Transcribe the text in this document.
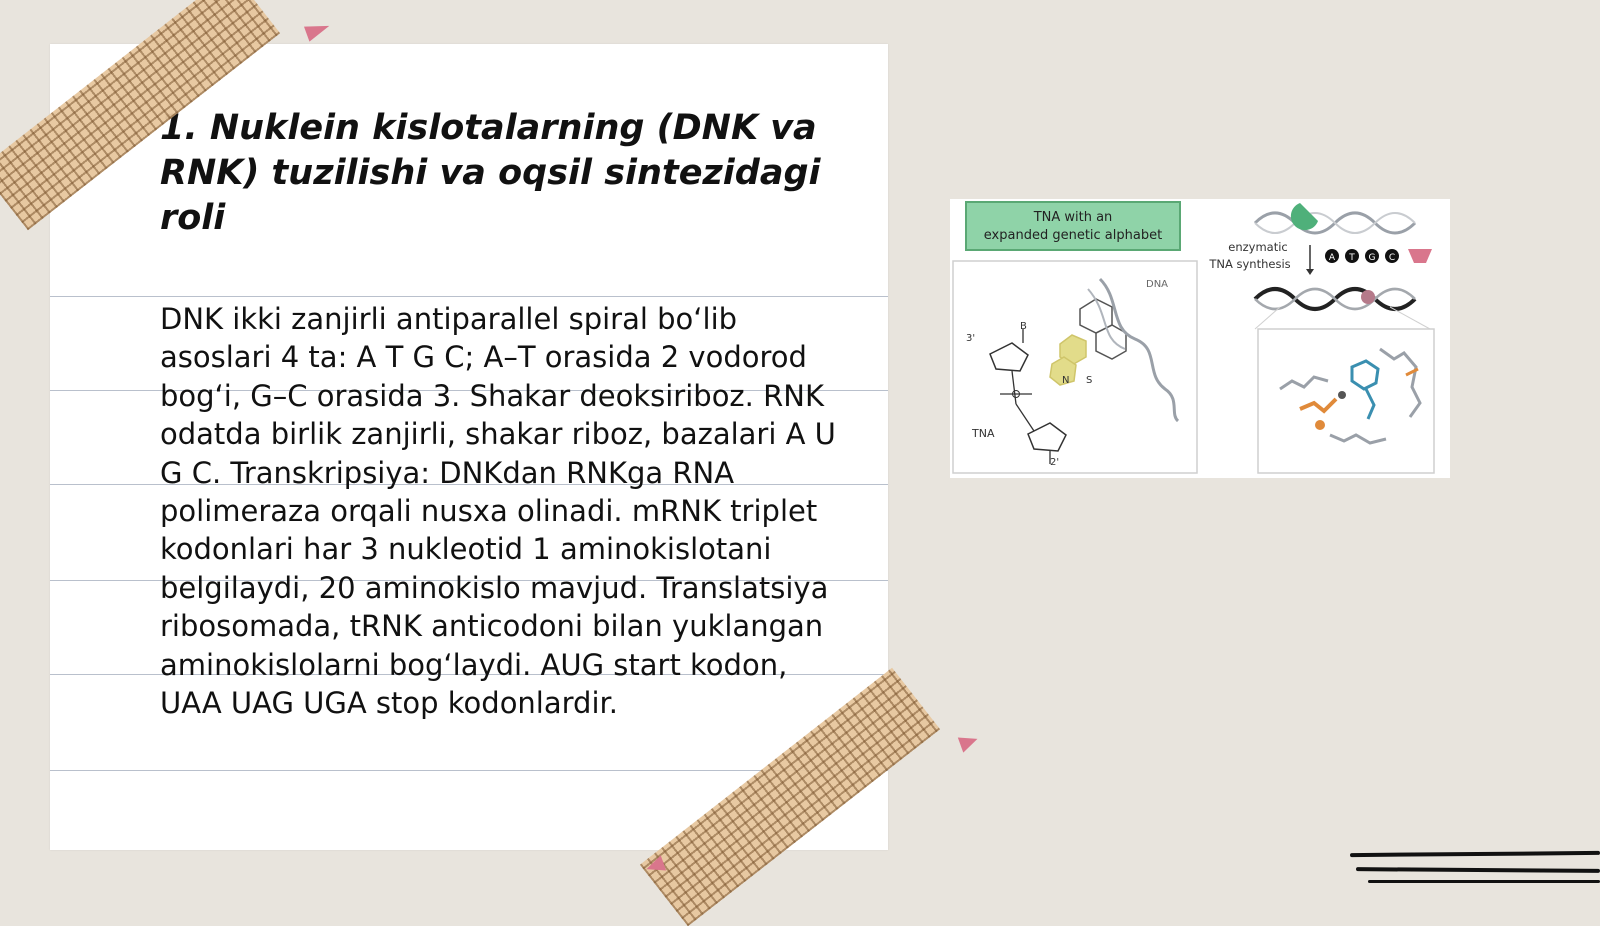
1. Nuklein kislotalarning (DNK va RNK) tuzilishi va oqsil sintezidagi roli

DNK ikki zanjirli antiparallel spiral bo‘lib asoslari 4 ta: A T G C; A–T orasida 2 vodorod bog‘i, G–C orasida 3. Shakar deoksiriboz. RNK odatda birlik zanjirli, shakar riboz, bazalari A U G C. Transkripsiya: DNKdan RNKga RNA polimeraza orqali nusxa olinadi. mRNK triplet kodonlari har 3 nukleotid 1 aminokislotani belgilaydi, 20 aminokislo mavjud. Translatsiya ribosomada, tRNK anticodoni bilan yuklangan aminokislolarni bog‘laydi. AUG start kodon, UAA UAG UGA stop kodonlardir.

TNA with an
expanded genetic alphabet
3'
B
S
N
DNA
TNA
2'
enzymatic
TNA synthesis	A T G C
